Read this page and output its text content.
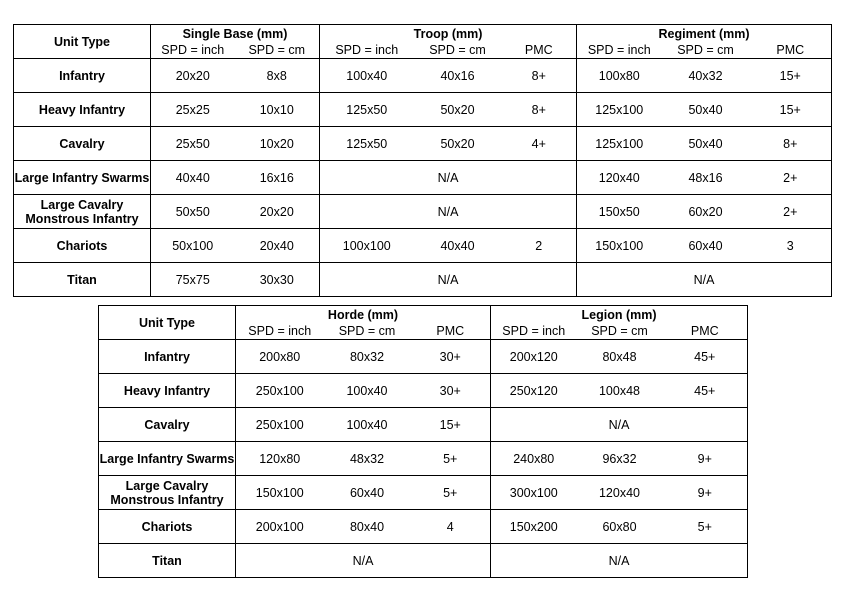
Unit Type	Single Base (mm)		Troop (mm)			Regiment (mm)		
	SPD = inch	SPD = cm	SPD = inch	SPD = cm	PMC	SPD = inch	SPD = cm	PMC
Infantry	20x20	8x8	100x40	40x16	8+	100x80	40x32	15+
Heavy Infantry	25x25	10x10	125x50	50x20	8+	125x100	50x40	15+
Cavalry	25x50	10x20	125x50	50x20	4+	125x100	50x40	8+
Large Infantry Swarms	40x40	16x16	N/A			120x40	48x16	2+
Large Cavalry Monstrous Infantry	50x50	20x20	N/A			150x50	60x20	2+
Chariots	50x100	20x40	100x100	40x40	2	150x100	60x40	3
Titan	75x75	30x30	N/A			N/A		
Unit Type	Horde (mm)			Legion (mm)		
	SPD = inch	SPD = cm	PMC	SPD = inch	SPD = cm	PMC
Infantry	200x80	80x32	30+	200x120	80x48	45+
Heavy Infantry	250x100	100x40	30+	250x120	100x48	45+
Cavalry	250x100	100x40	15+	N/A		
Large Infantry Swarms	120x80	48x32	5+	240x80	96x32	9+
Large Cavalry Monstrous Infantry	150x100	60x40	5+	300x100	120x40	9+
Chariots	200x100	80x40	4	150x200	60x80	5+
Titan	N/A			N/A		
